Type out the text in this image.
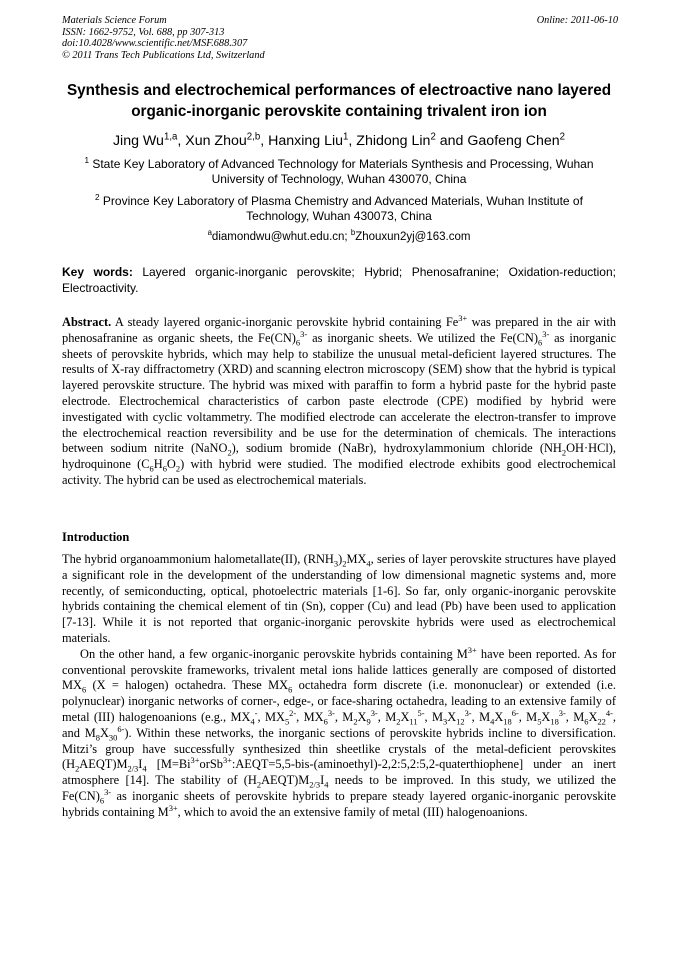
Materials Science Forum	Online: 2011-06-10
ISSN: 1662-9752, Vol. 688, pp 307-313
doi:10.4028/www.scientific.net/MSF.688.307
© 2011 Trans Tech Publications Ltd, Switzerland
Synthesis and electrochemical performances of electroactive nano layered organic-inorganic perovskite containing trivalent iron ion
Jing Wu$^{1,a}$, Xun Zhou$^{2,b}$, Hanxing Liu$^1$, Zhidong Lin$^2$ and Gaofeng Chen$^2$
$^1$ State Key Laboratory of Advanced Technology for Materials Synthesis and Processing, Wuhan University of Technology, Wuhan 430070, China
$^2$ Province Key Laboratory of Plasma Chemistry and Advanced Materials, Wuhan Institute of Technology, Wuhan 430073, China
$^a$diamondwu@whut.edu.cn; $^b$Zhouxun2yj@163.com
Key words: Layered organic-inorganic perovskite; Hybrid; Phenosafranine; Oxidation-reduction; Electroactivity.
Abstract. A steady layered organic-inorganic perovskite hybrid containing $Fe^{3+}$ was prepared in the air with phenosafranine as organic sheets, the $Fe(CN)_6^{3-}$ as inorganic sheets. We utilized the $Fe(CN)_6^{3-}$ as inorganic sheets of perovskite hybrids, which may help to stabilize the unusual metal-deficient layered structures. The results of X-ray diffractometry (XRD) and scanning electron microscopy (SEM) show that the hybrid is typical layered perovskite structure. The hybrid was mixed with paraffin to form a hybrid paste for the hybrid paste electrode. Electrochemical characteristics of carbon paste electrode (CPE) modified by hybrid were investigated with cyclic voltammetry. The modified electrode can accelerate the electron-transfer to improve the electrochemical reaction reversibility and be use for the determination of chemicals. The interactions between sodium nitrite (NaNO$_2$), sodium bromide (NaBr), hydroxylammonium chloride $(NH_2OH\cdot HCl)$, hydroquinone $(C_6H_6O_2)$ with hybrid were studied. The modified electrode exhibits good electrochemical activity. The hybrid can be used as electrochemical materials.
Introduction

The hybrid organoammonium halometallate(II), $(RNH_3)_2MX_4$, series of layer perovskite structures have played a significant role in the development of the understanding of low dimensional magnetic systems and, more recently, of semiconducting, optical, photoelectric materials [1-6]. So far, only organic-inorganic perovskite hybrids containing the chemical element of tin (Sn), copper (Cu) and lead (Pb) have been used to application [7-13]. While it is not reported that organic-inorganic perovskite hybrids were used as electrochemical materials.

On the other hand, a few organic-inorganic perovskite hybrids containing $M^{3+}$ have been reported. As for conventional perovskite frameworks, trivalent metal ions halide lattices generally are composed of distorted $MX_6$ (X = halogen) octahedra. These $MX_6$ octahedra form discrete (i.e. mononuclear) or extended (i.e. polynuclear) inorganic networks of corner-, edge-, or face-sharing octahedra, leading to an extensive family of metal (III) halogenoanions (e.g., $MX_4^-$, $MX_5^{2-}$, $MX_6^{3-}$, $M_2X_9^{3-}$, $M_2X_{11}^{5-}$, $M_3X_{12}^{3-}$, $M_4X_{18}^{6-}$, $M_5X_{18}^{3-}$, $M_6X_{22}^{4-}$, and $M_8X_{30}^{6-}$). Within these networks, the inorganic sections of perovskite hybrids incline to diversification. Mitzi’s group have successfully synthesized thin sheetlike crystals of the metal-deficient perovskites $(H_2AEQT)M_{2/3}I_4$ $[M=Bi^{3+}orSb^{3+}:AEQT=5,5-bis-(aminoethyl)-2,2:5,2:5,2-quaterthiophene]$ under an inert atmosphere [14]. The stability of $(H_2AEQT)M_{2/3}I_4$ needs to be improved. In this study, we utilized the $Fe(CN)_6^{3-}$ as inorganic sheets of perovskite hybrids to prepare steady layered organic-inorganic perovskite hybrids containing $M^{3+}$, which to avoid the an extensive family of metal (III) halogenoanions.
